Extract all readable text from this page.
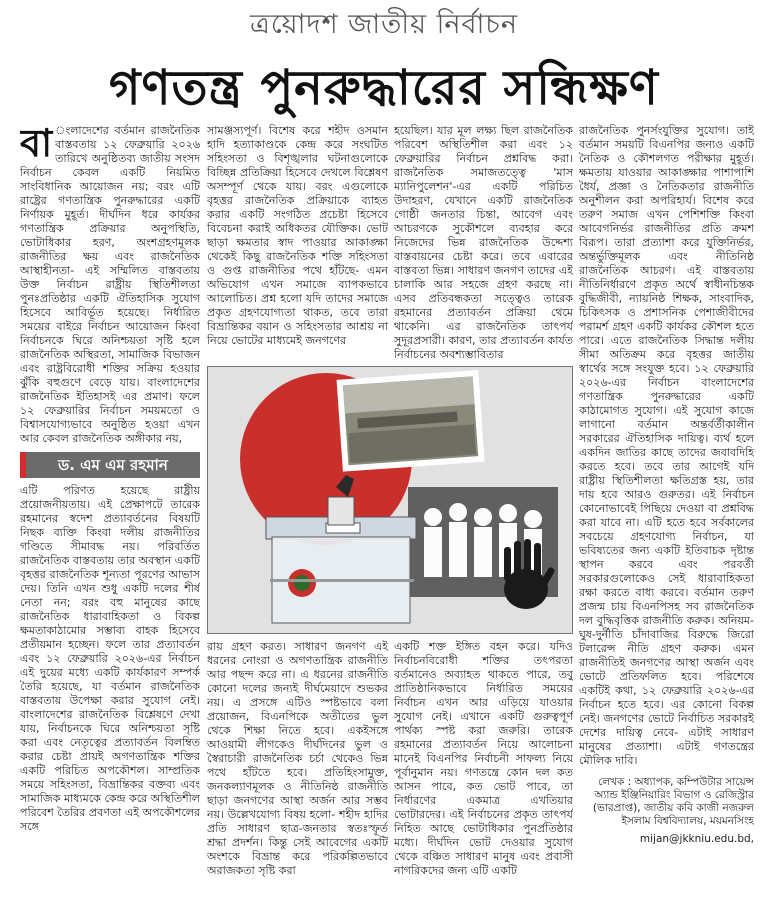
ত্রয়োদশ জাতীয় নির্বাচন
গণতন্ত্র পুনরুদ্ধারের সন্ধিক্ষণ
বা ংলাদেশের বর্তমান রাজনৈতিক বাস্তবতায় ১২ ফেব্রুয়ারি ২০২৬ তারিখে অনুষ্ঠিতব্য জাতীয় সংসদ নির্বাচন কেবল একটি নিয়মিত সাংবিধানিক আয়োজন নয়; বরং এটি রাষ্ট্রের গণতান্ত্রিক পুনরুদ্ধারের একটি নির্ণায়ক মুহূর্ত। দীর্ঘদিন ধরে কার্যকর গণতান্ত্রিক প্রক্রিয়ার অনুপস্থিতি, ভোটাধিকার হরণ, অংশগ্রহণমূলক রাজনীতির ক্ষয় এবং রাজনৈতিক আস্থাহীনতা- এই সম্মিলিত বাস্তবতায় উক্ত নির্বাচন রাষ্ট্রীয় স্থিতিশীলতা পুনঃপ্রতিষ্ঠার একটি ঐতিহাসিক সুযোগ হিসেবে আবির্ভূত হয়েছে। নির্ধারিত সময়ের বাইরে নির্বাচন আয়োজন কিংবা নির্বাচনকে ঘিরে অনিশ্চয়তা সৃষ্টি হলে রাজনৈতিক অস্থিরতা, সামাজিক বিভাজন এবং রাষ্ট্রবিরোধী শক্তির সক্রিয় হওয়ার ঝুঁকি বহুগুণে বেড়ে যায়। বাংলাদেশের রাজনৈতিক ইতিহাসই এর প্রমাণ। ফলে ১২ ফেব্রুয়ারির নির্বাচন সময়মতো ও বিশ্বাসযোগ্যভাবে অনুষ্ঠিত হওয়া এখন আর কেবল রাজনৈতিক অঙ্গীকার নয়,
ড. এম এম রহমান

এটি পরিণত হয়েছে রাষ্ট্রীয় প্রয়োজনীয়তায়। এই প্রেক্ষাপটে তারেক রহমানের স্বদেশ প্রত্যাবর্তনের বিষয়টি নিছক ব্যক্তি কিংবা দলীয় রাজনীতির গণ্ডিতে সীমাবদ্ধ নয়। পরিবর্তিত রাজনৈতিক বাস্তবতায় তার অবস্থান একটি বৃহত্তর রাজনৈতিক শূন্যতা পূরণের আভাস দেয়। তিনি এখন শুধু একটি দলের শীর্ষ নেতা নন; বরং বহু মানুষের কাছে রাজনৈতিক ধারাবাহিকতা ও বিকল্প ক্ষমতাকাঠামোর সম্ভাব্য বাহক হিসেবে প্রতীয়মান হচ্ছেন। ফলে তার প্রত্যাবর্তন এবং ১২ ফেব্রুয়ারি ২০২৬-এর নির্বাচন এই দুয়ের মধ্যে একটি কার্যকারণ সম্পর্ক তৈরি হয়েছে, যা বর্তমান রাজনৈতিক বাস্তবতায় উপেক্ষা করার সুযোগ নেই। বাংলাদেশের রাজনৈতিক বিশ্লেষণে দেখা যায়, নির্বাচনকে ঘিরে অনিশ্চয়তা সৃষ্টি করা এবং নেতৃত্বের প্রত্যাবর্তন বিলম্বিত করার চেষ্টা প্রায়ই অগণতান্ত্রিক শক্তির একটি পরিচিত অপকৌশল। সাম্প্রতিক সময়ে সহিংসতা, বিভ্রান্তিকর বক্তব্য এবং সামাজিক মাধ্যমকে কেন্দ্র করে অস্থিতিশীল পরিবেশ তৈরির প্রবণতা এই অপকৌশলের সঙ্গে

সামঞ্জস্যপূর্ণ। বিশেষ করে শহীদ ওসমান হাদি হত্যাকাণ্ডকে কেন্দ্র করে সংঘটিত সহিংসতা ও বিশৃঙ্খলার ঘটনাগুলোকে বিচ্ছিন্ন প্রতিক্রিয়া হিসেবে দেখলে বিশ্লেষণ অসম্পূর্ণ থেকে যায়। বরং এগুলোকে বৃহত্তর রাজনৈতিক প্রক্রিয়াকে ব্যাহত করার একটি সংগঠিত প্রচেষ্টা হিসেবে বিবেচনা করাই অধিকতর যৌক্তিক। ভোট ছাড়া ক্ষমতার স্বাদ পাওয়ার আকাঙ্ক্ষা থেকেই কিছু রাজনৈতিক শক্তি সহিংসতা ও গুপ্ত রাজনীতির পথে হাঁটছে- এমন অভিযোগ এখন সমাজে ব্যাপকভাবে আলোচিত। প্রশ্ন হলো যদি তাদের সমাজে প্রকৃত গ্রহণযোগ্যতা থাকত, তবে তারা বিভ্রান্তিকর বয়ান ও সহিংসতার আশ্রয় না নিয়ে ভোটের মাধ্যমেই জনগণের

হয়েছিল। যার মূল লক্ষ্য ছিল রাজনৈতিক পরিবেশ অস্থিতিশীল করা এবং ১২ ফেব্রুয়ারির নির্বাচন প্রশ্নবিদ্ধ করা। রাজনৈতিক সমাজতত্ত্বে 'মাস ম্যানিপুলেশন'-এর একটি পরিচিত উদাহরণ, যেখানে একটি রাজনৈতিক গোষ্ঠী জনতার চিন্তা, আবেগ এবং আচরণকে সুকৌশলে ব্যবহার করে নিজেদের ভিন্ন রাজনৈতিক উদ্দেশ্য বাস্তবায়নের চেষ্টা করে। তবে এবারের বাস্তবতা ভিন্ন। সাধারণ জনগণ তাদের এই চালাকি আর সহজে গ্রহণ করছে না। এসব প্রতিবন্ধকতা সত্ত্বেও তারেক রহমানের প্রত্যাবর্তন প্রক্রিয়া থেমে থাকেনি। এর রাজনৈতিক তাৎপর্য সুদূরপ্রসারী। কারণ, তার প্রত্যাবর্তন কার্যত নির্বাচনের অবশ্যম্ভাবিতার

রায় গ্রহণ করত। সাধারণ জনগণ এই ধরনের নোংরা ও অগণতান্ত্রিক রাজনীতি আর পছন্দ করে না। এ ধরনের রাজনীতি কোনো দলের জন্যই দীর্ঘমেয়াদে শুভকর নয়। এ প্রসঙ্গে এটিও স্পষ্টভাবে বলা প্রয়োজন, বিএনপিকে অতীতের ভুল থেকে শিক্ষা নিতে হবে। একইসঙ্গে আওয়ামী লীগকেও দীর্ঘদিনের ভুল ও স্বৈরাচারী রাজনৈতিক চর্চা থেকেও ভিন্ন পথে হাঁটতে হবে। প্রতিহিংসামুক্ত, জনকল্যাণমূলক ও নীতিনিষ্ঠ রাজনীতি ছাড়া জনগণের আস্থা অর্জন আর সম্ভব নয়। উল্লেখযোগ্য বিষয় হলো- শহীদ হাদির প্রতি সাধারণ ছাত্র-জনতার স্বতঃস্ফূর্ত শ্রদ্ধা প্রদর্শন। কিন্তু সেই আবেগের একটি অংশকে বিভ্রান্ত করে পরিকল্পিতভাবে অরাজকতা সৃষ্টি করা

একটি শক্ত ইঙ্গিত বহন করে। যদিও নির্বাচনবিরোধী শক্তির তৎপরতা বর্তমানেও অব্যাহত থাকতে পারে, তবু প্রাতিষ্ঠানিকভাবে নির্ধারিত সময়ের নির্বাচন এখন আর এড়িয়ে যাওয়ার সুযোগ নেই। এখানে একটি গুরুত্বপূর্ণ পার্থক্য স্পষ্ট করা জরুরি। তারেক রহমানের প্রত্যাবর্তন নিয়ে আলোচনা মানেই বিএনপির নির্বাচনী সাফল্য নিয়ে পূর্বানুমান নয়। গণতন্ত্রে কোন দল কত আসন পাবে, কত ভোট পাবে, তা নির্ধারণের একমাত্র এখতিয়ার ভোটারদের। এই নির্বাচনের প্রকৃত তাৎপর্য নিহিত আছে ভোটাধিকার পুনর্প্রতিষ্ঠার মধ্যে। দীর্ঘদিন ভোট দেওয়ার সুযোগ থেকে বঞ্চিত সাধারণ মানুষ এবং প্রবাসী নাগরিকদের জন্য এটি একটি

রাজনৈতিক পুনর্সংযুক্তির সুযোগ। তাই বর্তমান সময়টি বিএনপির জন্যও একটি নৈতিক ও কৌশলগত পরীক্ষার মুহূর্ত। ক্ষমতায় যাওয়ার আকাঙ্ক্ষার পাশাপাশি ধৈর্য, প্রজ্ঞা ও নৈতিকতার রাজনীতি অনুশীলন করা অপরিহার্য। বিশেষ করে তরুণ সমাজ এখন পেশিশক্তি কিংবা আবেগনির্ভর রাজনীতির প্রতি ক্রমশ বিরূপ। তারা প্রত্যাশা করে যুক্তিনির্ভর, অন্তর্ভুক্তিমূলক এবং নীতিনিষ্ঠ রাজনৈতিক আচরণ। এই বাস্তবতায় নীতিনির্ধারণে প্রকৃত অর্থে স্বাধীনচিন্তক বুদ্ধিজীবী, ন্যায়নিষ্ঠ শিক্ষক, সাংবাদিক, চিকিৎসক ও প্রশাসনিক পেশাজীবীদের পরামর্শ গ্রহণ একটি কার্যকর কৌশল হতে পারে। এতে রাজনৈতিক সিদ্ধান্ত দলীয় সীমা অতিক্রম করে বৃহত্তর জাতীয় স্বার্থের সঙ্গে সংযুক্ত হবে। ১২ ফেব্রুয়ারি ২০২৬-এর নির্বাচন বাংলাদেশের গণতান্ত্রিক পুনরুদ্ধারের একটি কাঠামোগত সুযোগ। এই সুযোগ কাজে লাগানো বর্তমান অন্তর্বর্তীকালীন সরকারের ঐতিহাসিক দায়িত্ব। ব্যর্থ হলে একদিন জাতির কাছে তাদের জবাবদিহি করতে হবে। তবে তার আগেই যদি রাষ্ট্রীয় স্থিতিশীলতা ক্ষতিগ্রস্ত হয়, তার দায় হবে আরও গুরুতর। এই নির্বাচন কোনোভাবেই পিছিয়ে দেওয়া বা প্রশ্নবিদ্ধ করা যাবে না। এটি হতে হবে সর্বকালের সবচেয়ে গ্রহণযোগ্য নির্বাচন, যা ভবিষ্যতের জন্য একটি ইতিবাচক দৃষ্টান্ত স্থাপন করবে এবং পরবর্তী সরকারগুলোকেও সেই ধারাবাহিকতা রক্ষা করতে বাধ্য করবে। বর্তমান তরুণ প্রজন্ম চায় বিএনপিসহ সব রাজনৈতিক দল বুদ্ধিবৃত্তিক রাজনীতি করুক। অনিয়ম-ঘুষ-দুর্নীতি চাঁদাবাজির বিরুদ্ধে জিরো টলারেন্স নীতি গ্রহণ করুক। এমন রাজনীতিই জনগণের আস্থা অর্জন এবং ভোটে প্রতিফলিত হবে। পরিশেষে একটিই কথা, ১২ ফেব্রুয়ারি ২০২৬-এর নির্বাচন হতে হবে। এর কোনো বিকল্প নেই। জনগণের ভোটে নির্বাচিত সরকারই দেশের দায়িত্ব নেবে- এটাই সাধারণ মানুষের প্রত্যাশা। এটাই গণতন্ত্রের মৌলিক দাবি।

লেখক : অধ্যাপক, কম্পিউটার সায়েন্স অ্যান্ড ইঞ্জিনিয়ারিং বিভাগ ও রেজিস্ট্রার (ভারপ্রাপ্ত), জাতীয় কবি কাজী নজরুল ইসলাম বিশ্ববিদ্যালয়, ময়মনসিংহ
mijan@jkkniu.edu.bd,
